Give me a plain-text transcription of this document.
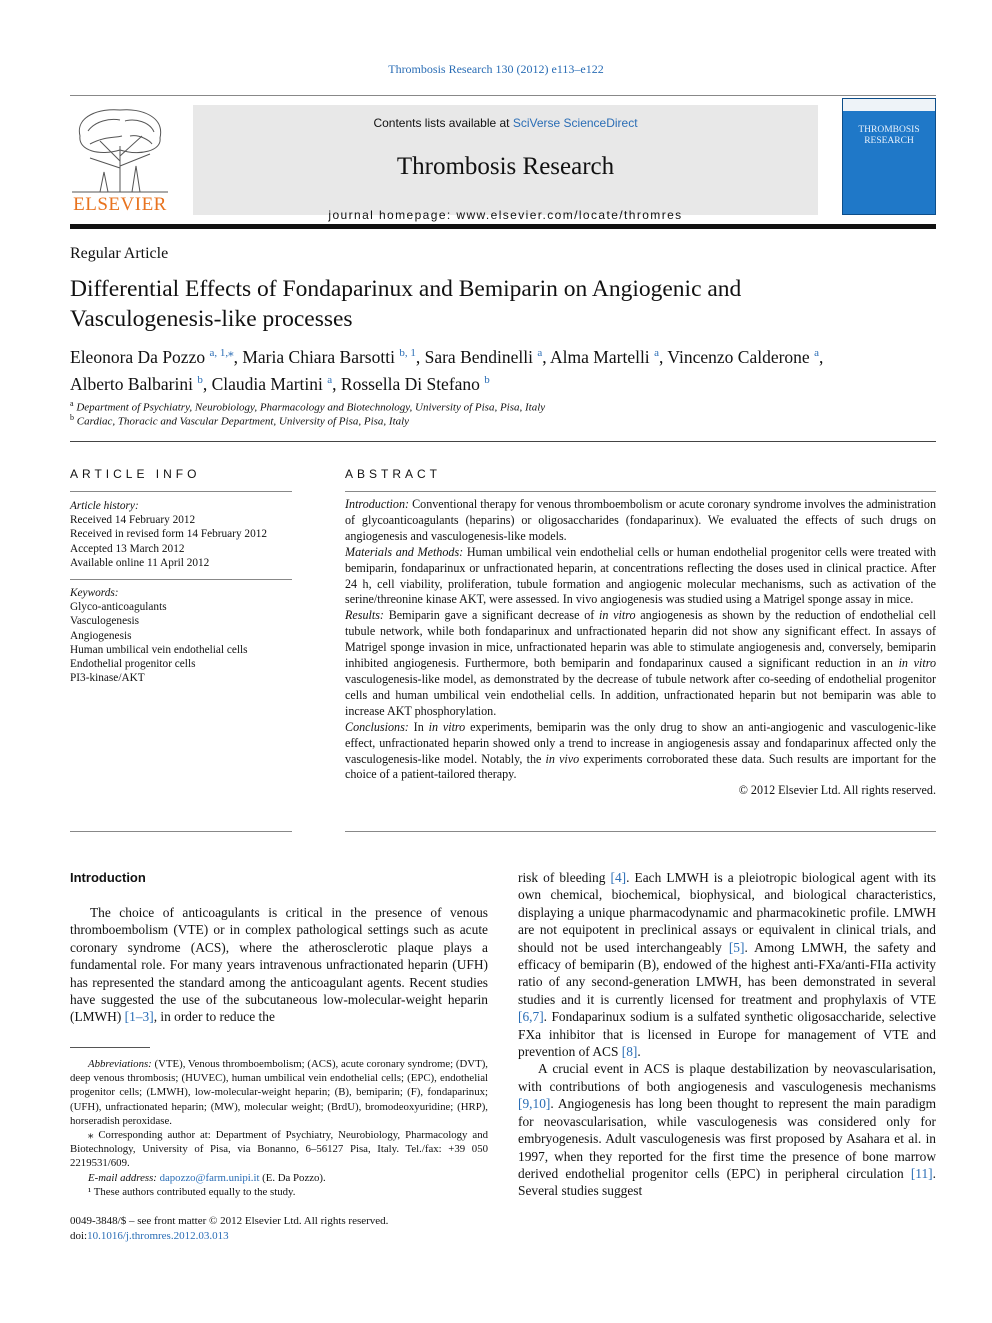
Thrombosis Research 130 (2012) e113–e122
ELSEVIER
Contents lists available at SciVerse ScienceDirect
Thrombosis Research
journal homepage: www.elsevier.com/locate/thromres
THROMBOSIS
RESEARCH
Regular Article
Differential Effects of Fondaparinux and Bemiparin on Angiogenic and
Vasculogenesis-like processes
Eleonora Da Pozzo $^{a, 1,⁎}$, Maria Chiara Barsotti $^{b, 1}$, Sara Bendinelli $^a$, Alma Martelli $^a$, Vincenzo Calderone $^a$,
Alberto Balbarini $^b$, Claudia Martini $^a$, Rossella Di Stefano $^b$
$^a$ Department of Psychiatry, Neurobiology, Pharmacology and Biotechnology, University of Pisa, Pisa, Italy
$^b$ Cardiac, Thoracic and Vascular Department, University of Pisa, Pisa, Italy
ARTICLE INFO	ABSTRACT
Article history:
Received 14 February 2012
Received in revised form 14 February 2012
Accepted 13 March 2012
Available online 11 April 2012
Keywords:
Glyco-anticoagulants
Vasculogenesis
Angiogenesis
Human umbilical vein endothelial cells
Endothelial progenitor cells
PI3-kinase/AKT

Introduction: Conventional therapy for venous thromboembolism or acute coronary syndrome involves the administration of glycoanticoagulants (heparins) or oligosaccharides (fondaparinux). We evaluated the effects of such drugs on angiogenesis and vasculogenesis-like models.

Materials and Methods: Human umbilical vein endothelial cells or human endothelial progenitor cells were treated with bemiparin, fondaparinux or unfractionated heparin, at concentrations reflecting the doses used in clinical practice. After 24 h, cell viability, proliferation, tubule formation and angiogenic molecular mechanisms, such as activation of the serine/threonine kinase AKT, were assessed. In vivo angiogenesis was studied using a Matrigel sponge assay in mice.

Results: Bemiparin gave a significant decrease of in vitro angiogenesis as shown by the reduction of endothelial cell tubule network, while both fondaparinux and unfractionated heparin did not show any significant effect. In assays of Matrigel sponge invasion in mice, unfractionated heparin was able to stimulate angiogenesis and, conversely, bemiparin inhibited angiogenesis. Furthermore, both bemiparin and fondaparinux caused a significant reduction in an in vitro vasculogenesis-like model, as demonstrated by the decrease of tubule network after co-seeding of endothelial progenitor cells and human umbilical vein endothelial cells. In addition, unfractionated heparin but not bemiparin was able to increase AKT phosphorylation.

Conclusions: In in vitro experiments, bemiparin was the only drug to show an anti-angiogenic and vasculogenic-like effect, unfractionated heparin showed only a trend to increase in angiogenesis assay and fondaparinux affected only the vasculogenesis-like model. Notably, the in vivo experiments corroborated these data. Such results are important for the choice of a patient-tailored therapy.

© 2012 Elsevier Ltd. All rights reserved.

Introduction

The choice of anticoagulants is critical in the presence of venous thromboembolism (VTE) or in complex pathological settings such as acute coronary syndrome (ACS), where the atherosclerotic plaque plays a fundamental role. For many years intravenous unfractionated heparin (UFH) has represented the standard among the anticoagulant agents. Recent studies have suggested the use of the subcutaneous low-molecular-weight heparin (LMWH) [1–3], in order to reduce the

risk of bleeding [4]. Each LMWH is a pleiotropic biological agent with its own chemical, biochemical, biophysical, and biological characteristics, displaying a unique pharmacodynamic and pharmacokinetic profile. LMWH are not equipotent in preclinical assays or equivalent in clinical trials, and should not be used interchangeably [5]. Among LMWH, the safety and efficacy of bemiparin (B), endowed of the highest anti-FXa/anti-FIIa activity ratio of any second-generation LMWH, has been demonstrated in several studies and it is currently licensed for treatment and prophylaxis of VTE [6,7]. Fondaparinux sodium is a sulfated synthetic oligosaccharide, selective FXa inhibitor that is licensed in Europe for management of VTE and prevention of ACS [8].

A crucial event in ACS is plaque destabilization by neovascularisation, with contributions of both angiogenesis and vasculogenesis mechanisms [9,10]. Angiogenesis has long been thought to represent the main paradigm for neovascularisation, while vasculogenesis was considered only for embryogenesis. Adult vasculogenesis was first proposed by Asahara et al. in 1997, when they reported for the first time the presence of bone marrow derived endothelial progenitor cells (EPC) in peripheral circulation [11]. Several studies suggest

Abbreviations: (VTE), Venous thromboembolism; (ACS), acute coronary syndrome; (DVT), deep venous thrombosis; (HUVEC), human umbilical vein endothelial cells; (EPC), endothelial progenitor cells; (LMWH), low-molecular-weight heparin; (B), bemiparin; (F), fondaparinux; (UFH), unfractionated heparin; (MW), molecular weight; (BrdU), bromodeoxyuridine; (HRP), horseradish peroxidase.

⁎ Corresponding author at: Department of Psychiatry, Neurobiology, Pharmacology and Biotechnology, University of Pisa, via Bonanno, 6–56127 Pisa, Italy. Tel./fax: +39 050 2219531/609.

E-mail address: dapozzo@farm.unipi.it (E. Da Pozzo).

¹ These authors contributed equally to the study.

0049-3848/$ – see front matter © 2012 Elsevier Ltd. All rights reserved.
doi:10.1016/j.thromres.2012.03.013
